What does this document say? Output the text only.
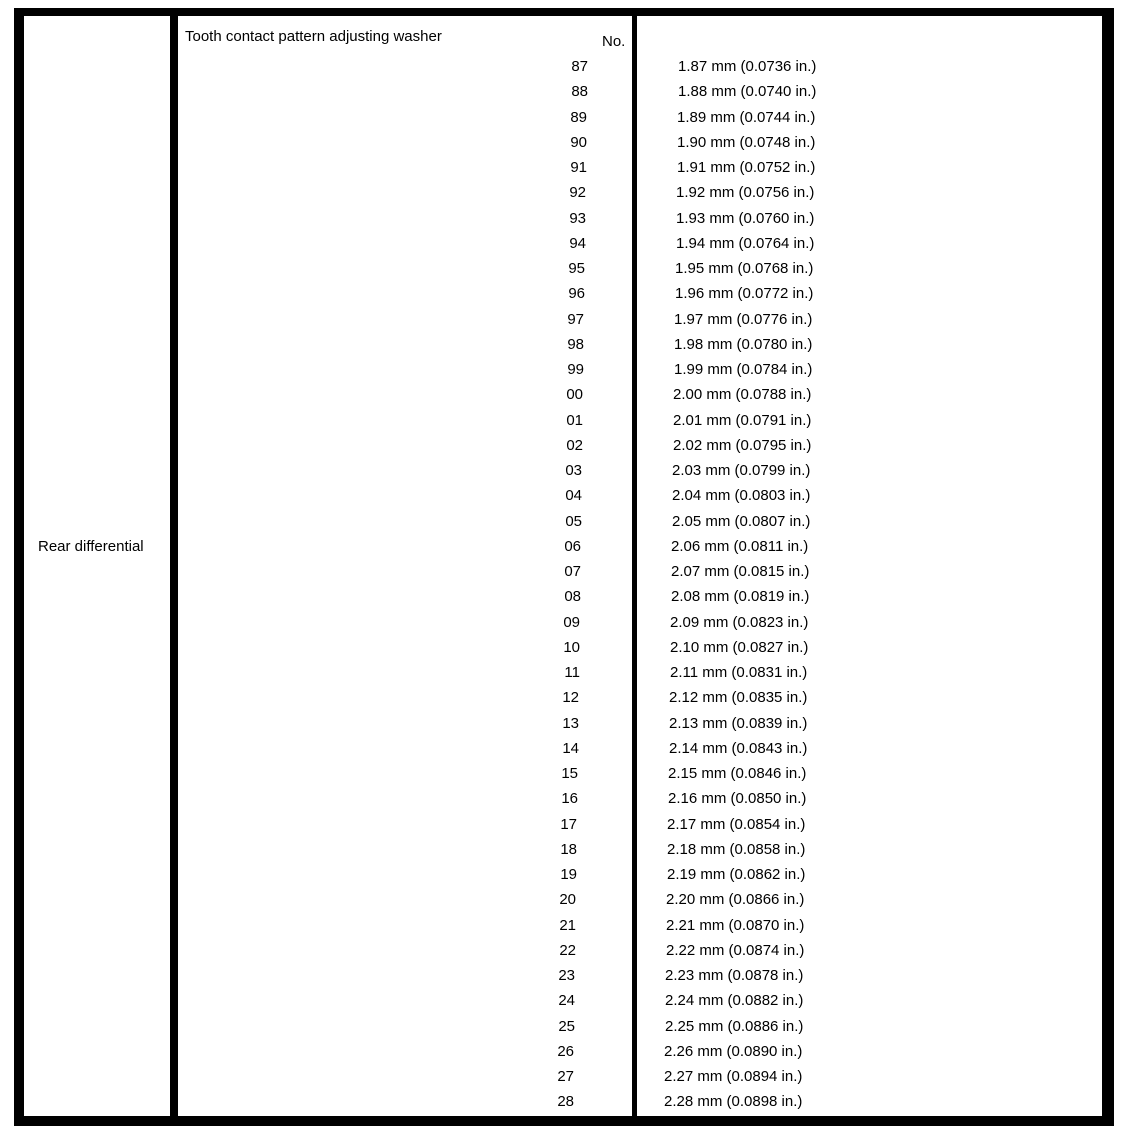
Rear differential
Tooth contact pattern adjusting washer	No.
87	1.87 mm (0.0736 in.)
88	1.88 mm (0.0740 in.)
89	1.89 mm (0.0744 in.)
90	1.90 mm (0.0748 in.)
91	1.91 mm (0.0752 in.)
92	1.92 mm (0.0756 in.)
93	1.93 mm (0.0760 in.)
94	1.94 mm (0.0764 in.)
95	1.95 mm (0.0768 in.)
96	1.96 mm (0.0772 in.)
97	1.97 mm (0.0776 in.)
98	1.98 mm (0.0780 in.)
99	1.99 mm (0.0784 in.)
00	2.00 mm (0.0788 in.)
01	2.01 mm (0.0791 in.)
02	2.02 mm (0.0795 in.)
03	2.03 mm (0.0799 in.)
04	2.04 mm (0.0803 in.)
05	2.05 mm (0.0807 in.)
06	2.06 mm (0.0811 in.)
07	2.07 mm (0.0815 in.)
08	2.08 mm (0.0819 in.)
09	2.09 mm (0.0823 in.)
10	2.10 mm (0.0827 in.)
11	2.11 mm (0.0831 in.)
12	2.12 mm (0.0835 in.)
13	2.13 mm (0.0839 in.)
14	2.14 mm (0.0843 in.)
15	2.15 mm (0.0846 in.)
16	2.16 mm (0.0850 in.)
17	2.17 mm (0.0854 in.)
18	2.18 mm (0.0858 in.)
19	2.19 mm (0.0862 in.)
20	2.20 mm (0.0866 in.)
21	2.21 mm (0.0870 in.)
22	2.22 mm (0.0874 in.)
23	2.23 mm (0.0878 in.)
24	2.24 mm (0.0882 in.)
25	2.25 mm (0.0886 in.)
26	2.26 mm (0.0890 in.)
27	2.27 mm (0.0894 in.)
28	2.28 mm (0.0898 in.)
